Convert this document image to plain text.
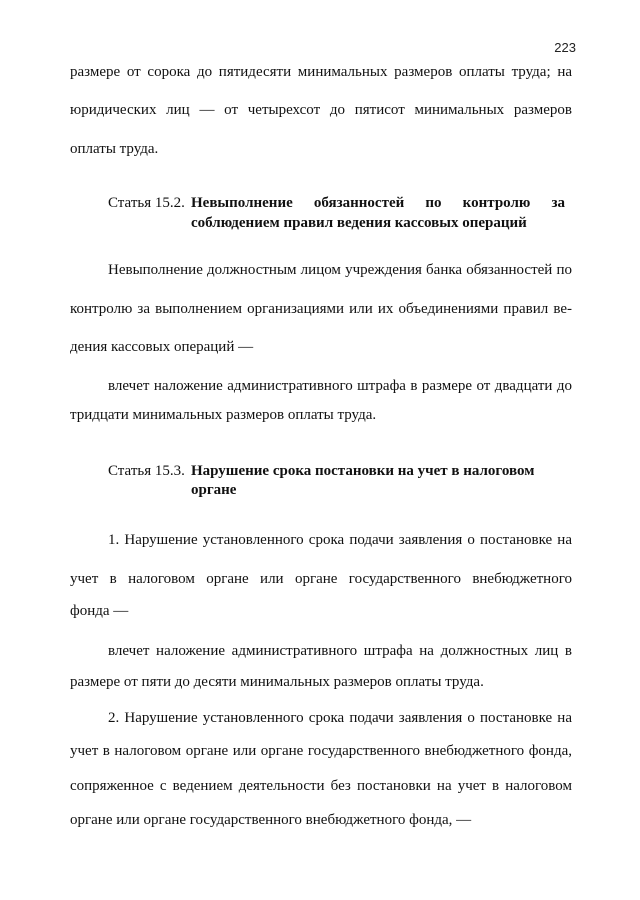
223
размере от сорока до пятидесяти минимальных размеров оплаты труда; на
юридических лиц — от четырехсот до пятисот минимальных размеров
оплаты труда.
Статья 15.2. Невыполнение обязанностей по контролю за
соблюдением правил ведения кассовых операций
Невыполнение должностным лицом учреждения банка обязанностей по
контролю за выполнением организациями или их объединениями правил ве-
дения кассовых операций —
влечет наложение административного штрафа в размере от двадцати до
тридцати минимальных размеров оплаты труда.
Статья 15.3. Нарушение срока постановки на учет в налоговом
органе
1. Нарушение установленного срока подачи заявления о постановке на
учет в налоговом органе или органе государственного внебюджетного
фонда —
влечет наложение административного штрафа на должностных лиц в
размере от пяти до десяти минимальных размеров оплаты труда.
2. Нарушение установленного срока подачи заявления о постановке на
учет в налоговом органе или органе государственного внебюджетного фонда,
сопряженное с ведением деятельности без постановки на учет в налоговом
органе или органе государственного внебюджетного фонда, —
